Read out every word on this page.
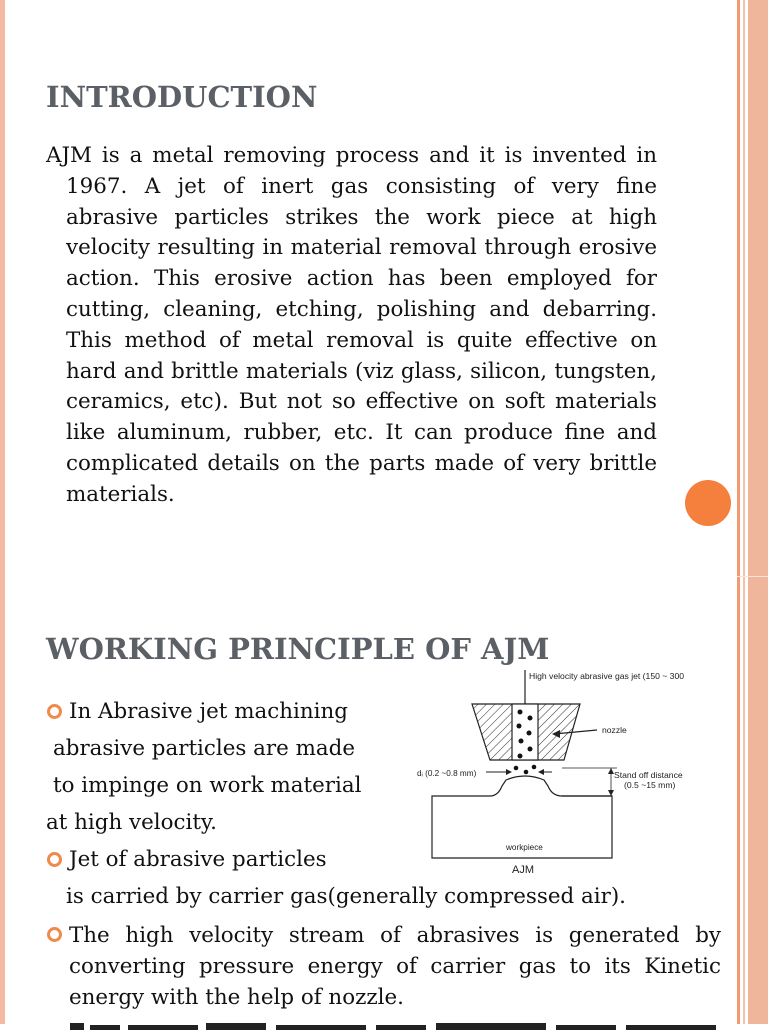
INTRODUCTION
AJM is a metal removing process and it is invented in 1967. A jet of inert gas consisting of very fine abrasive particles strikes the work piece at high velocity resulting in material removal through erosive action. This erosive action has been employed for cutting, cleaning, etching, polishing and debarring. This method of metal removal is quite effective on hard and brittle materials (viz glass, silicon, tungsten, ceramics, etc). But not so effective on soft materials like aluminum, rubber, etc. It can produce fine and complicated details on the parts made of very brittle materials.
WORKING PRINCIPLE OF AJM
In Abrasive jet machining
abrasive particles are made
to impinge on work material
at high velocity.
Jet of abrasive particles
is carried by carrier gas(generally compressed air).
The high velocity stream of abrasives is generated by converting pressure energy of carrier gas to its Kinetic energy with the help of nozzle.
High velocity abrasive gas jet (150 ~ 300
nozzle
dᵢ (0.2 ~0.8 mm)	Stand off distance
(0.5 ~15 mm)
workpiece
AJM
